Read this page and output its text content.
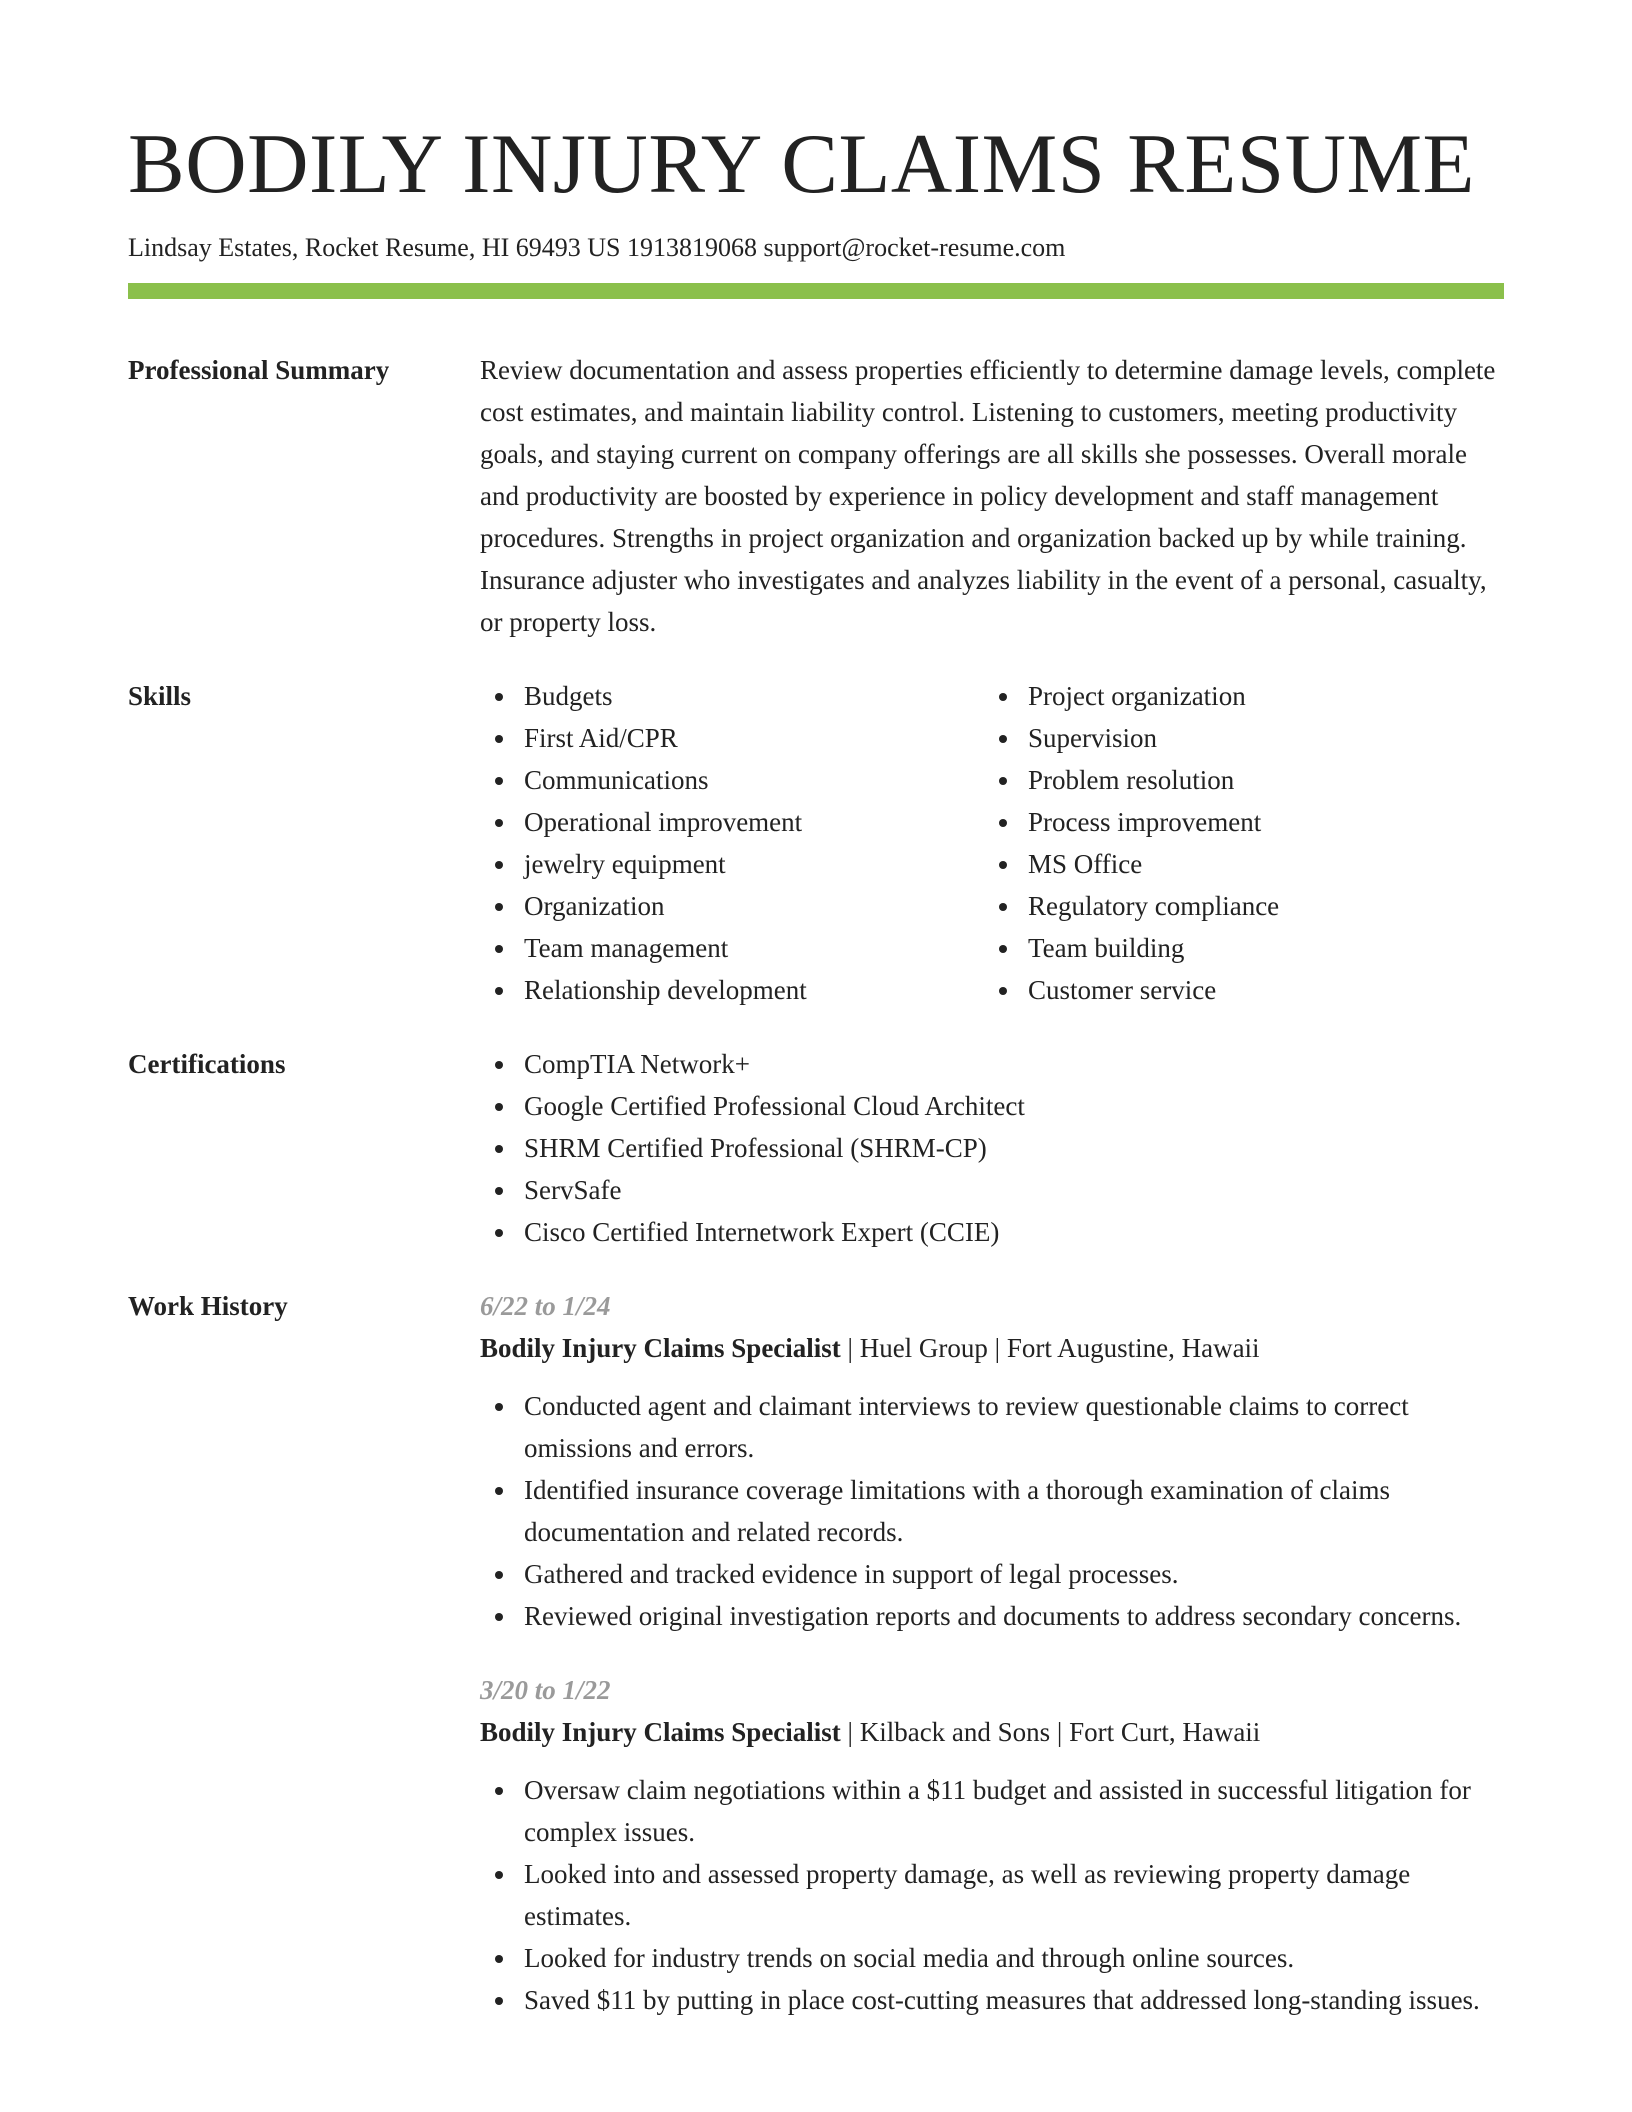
BODILY INJURY CLAIMS RESUME
Lindsay Estates, Rocket Resume, HI 69493 US 1913819068 support@rocket-resume.com
Professional Summary	Review documentation and assess properties efficiently to determine damage levels, complete cost estimates, and maintain liability control. Listening to customers, meeting productivity goals, and staying current on company offerings are all skills she possesses. Overall morale and productivity are boosted by experience in policy development and staff management procedures. Strengths in project organization and organization backed up by while training. Insurance adjuster who investigates and analyzes liability in the event of a personal, casualty, or property loss.
Skills	Budgets
First Aid/CPR
Communications
Operational improvement
jewelry equipment
Organization
Team management
Relationship development
Project organization
Supervision
Problem resolution
Process improvement
MS Office
Regulatory compliance
Team building
Customer service
Certifications	CompTIA Network+
Google Certified Professional Cloud Architect
SHRM Certified Professional (SHRM-CP)
ServSafe
Cisco Certified Internetwork Expert (CCIE)
Work History	6/22 to 1/24
Bodily Injury Claims Specialist | Huel Group | Fort Augustine, Hawaii
Conducted agent and claimant interviews to review questionable claims to correct omissions and errors.
Identified insurance coverage limitations with a thorough examination of claims documentation and related records.
Gathered and tracked evidence in support of legal processes.
Reviewed original investigation reports and documents to address secondary concerns.
3/20 to 1/22
Bodily Injury Claims Specialist | Kilback and Sons | Fort Curt, Hawaii
Oversaw claim negotiations within a $11 budget and assisted in successful litigation for complex issues.
Looked into and assessed property damage, as well as reviewing property damage estimates.
Looked for industry trends on social media and through online sources.
Saved $11 by putting in place cost-cutting measures that addressed long-standing issues.
